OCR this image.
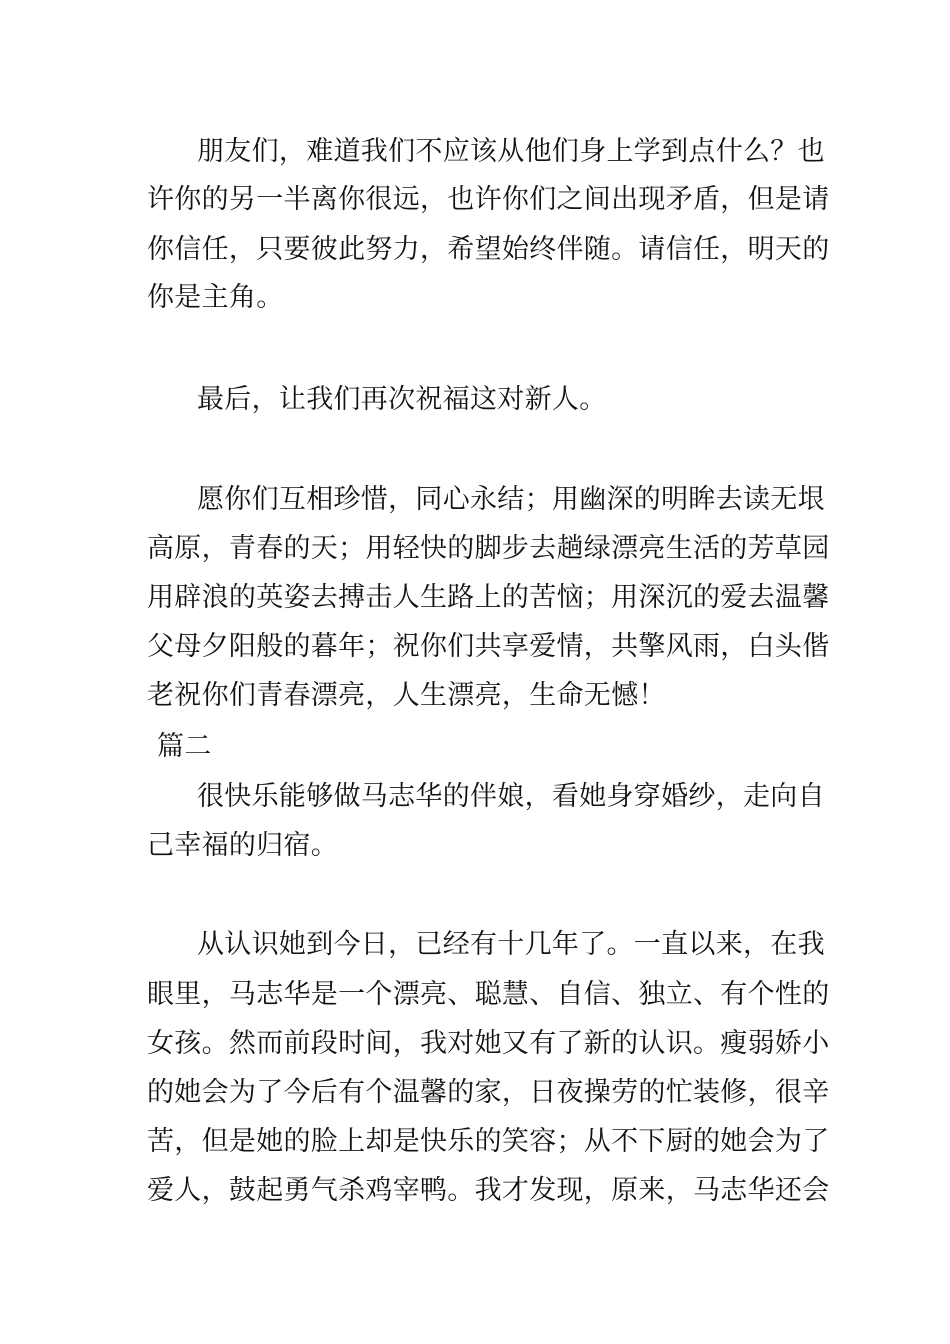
朋友们，难道我们不应该从他们身上学到点什么？也
许你的另一半离你很远，也许你们之间出现矛盾，但是请
你信任，只要彼此努力，希望始终伴随。请信任，明天的
你是主角。
最后，让我们再次祝福这对新人。
愿你们互相珍惜，同心永结；用幽深的明眸去读无垠
高原，青春的天；用轻快的脚步去趟绿漂亮生活的芳草园
用辟浪的英姿去搏击人生路上的苦恼；用深沉的爱去温馨
父母夕阳般的暮年；祝你们共享爱情，共擎风雨，白头偕
老祝你们青春漂亮，人生漂亮，生命无憾！
篇二
很快乐能够做马志华的伴娘，看她身穿婚纱，走向自
己幸福的归宿。
从认识她到今日，已经有十几年了。一直以来，在我
眼里，马志华是一个漂亮、聪慧、自信、独立、有个性的
女孩。然而前段时间，我对她又有了新的认识。瘦弱娇小
的她会为了今后有个温馨的家，日夜操劳的忙装修，很辛
苦，但是她的脸上却是快乐的笑容；从不下厨的她会为了
爱人，鼓起勇气杀鸡宰鸭。我才发现，原来，马志华还会
